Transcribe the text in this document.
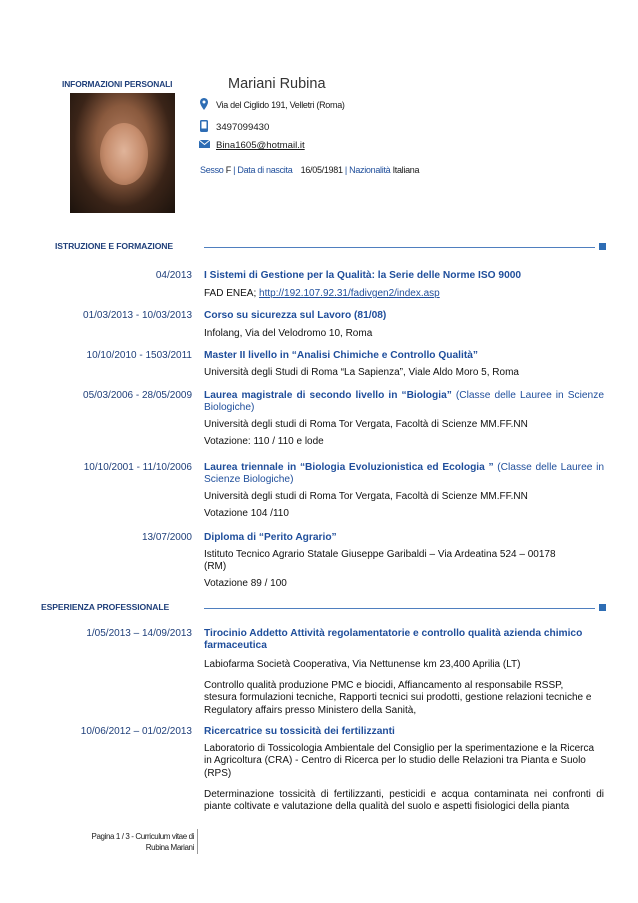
INFORMAZIONI PERSONALI	Mariani Rubina
Via del Ciglido 191, Velletri (Roma)
3497099430
Bina1605@hotmail.it
Sesso F | Data di nascita 16/05/1981 | Nazionalità Italiana
ISTRUZIONE E FORMAZIONE
04/2013 I Sistemi di Gestione per la Qualità: la Serie delle Norme ISO 9000
FAD ENEA; http://192.107.92.31/fadivgen2/index.asp
01/03/2013 - 10/03/2013 Corso su sicurezza sul Lavoro (81/08)
Infolang, Via del Velodromo 10, Roma
10/10/2010 - 1503/2011 Master II livello in “Analisi Chimiche e Controllo Qualità”
Università degli Studi di Roma “La Sapienza”, Viale Aldo Moro 5, Roma
05/03/2006 - 28/05/2009 Laurea magistrale di secondo livello in “Biologia” (Classe delle Lauree in Scienze Biologiche)
Università degli studi di Roma Tor Vergata, Facoltà di Scienze MM.FF.NN
Votazione: 110 / 110 e lode
10/10/2001 - 11/10/2006 Laurea triennale in “Biologia Evoluzionistica ed Ecologia ” (Classe delle Lauree in Scienze Biologiche)
Università degli studi di Roma Tor Vergata, Facoltà di Scienze MM.FF.NN
Votazione 104 /110
13/07/2000 Diploma di “Perito Agrario”
Istituto Tecnico Agrario Statale Giuseppe Garibaldi – Via Ardeatina 524 – 00178 (RM)
Votazione 89 / 100
ESPERIENZA PROFESSIONALE
1/05/2013 – 14/09/2013 Tirocinio Addetto Attività regolamentatorie e controllo qualità azienda chimico farmaceutica
Labiofarma Società Cooperativa, Via Nettunense km 23,400 Aprilia (LT)
Controllo qualità produzione PMC e biocidi, Affiancamento al responsabile RSSP, stesura formulazioni tecniche, Rapporti tecnici sui prodotti, gestione relazioni tecniche e Regulatory affairs presso Ministero della Sanità,
10/06/2012 – 01/02/2013 Ricercatrice su tossicità dei fertilizzanti
Laboratorio di Tossicologia Ambientale del Consiglio per la sperimentazione e la Ricerca in Agricoltura (CRA) - Centro di Ricerca per lo studio delle Relazioni tra Pianta e Suolo (RPS)
Determinazione tossicità di fertilizzanti, pesticidi e acqua contaminata nei confronti di piante coltivate e valutazione della qualità del suolo e aspetti fisiologici della pianta
Pagina 1 / 3 - Curriculum vitae di Rubina Mariani
